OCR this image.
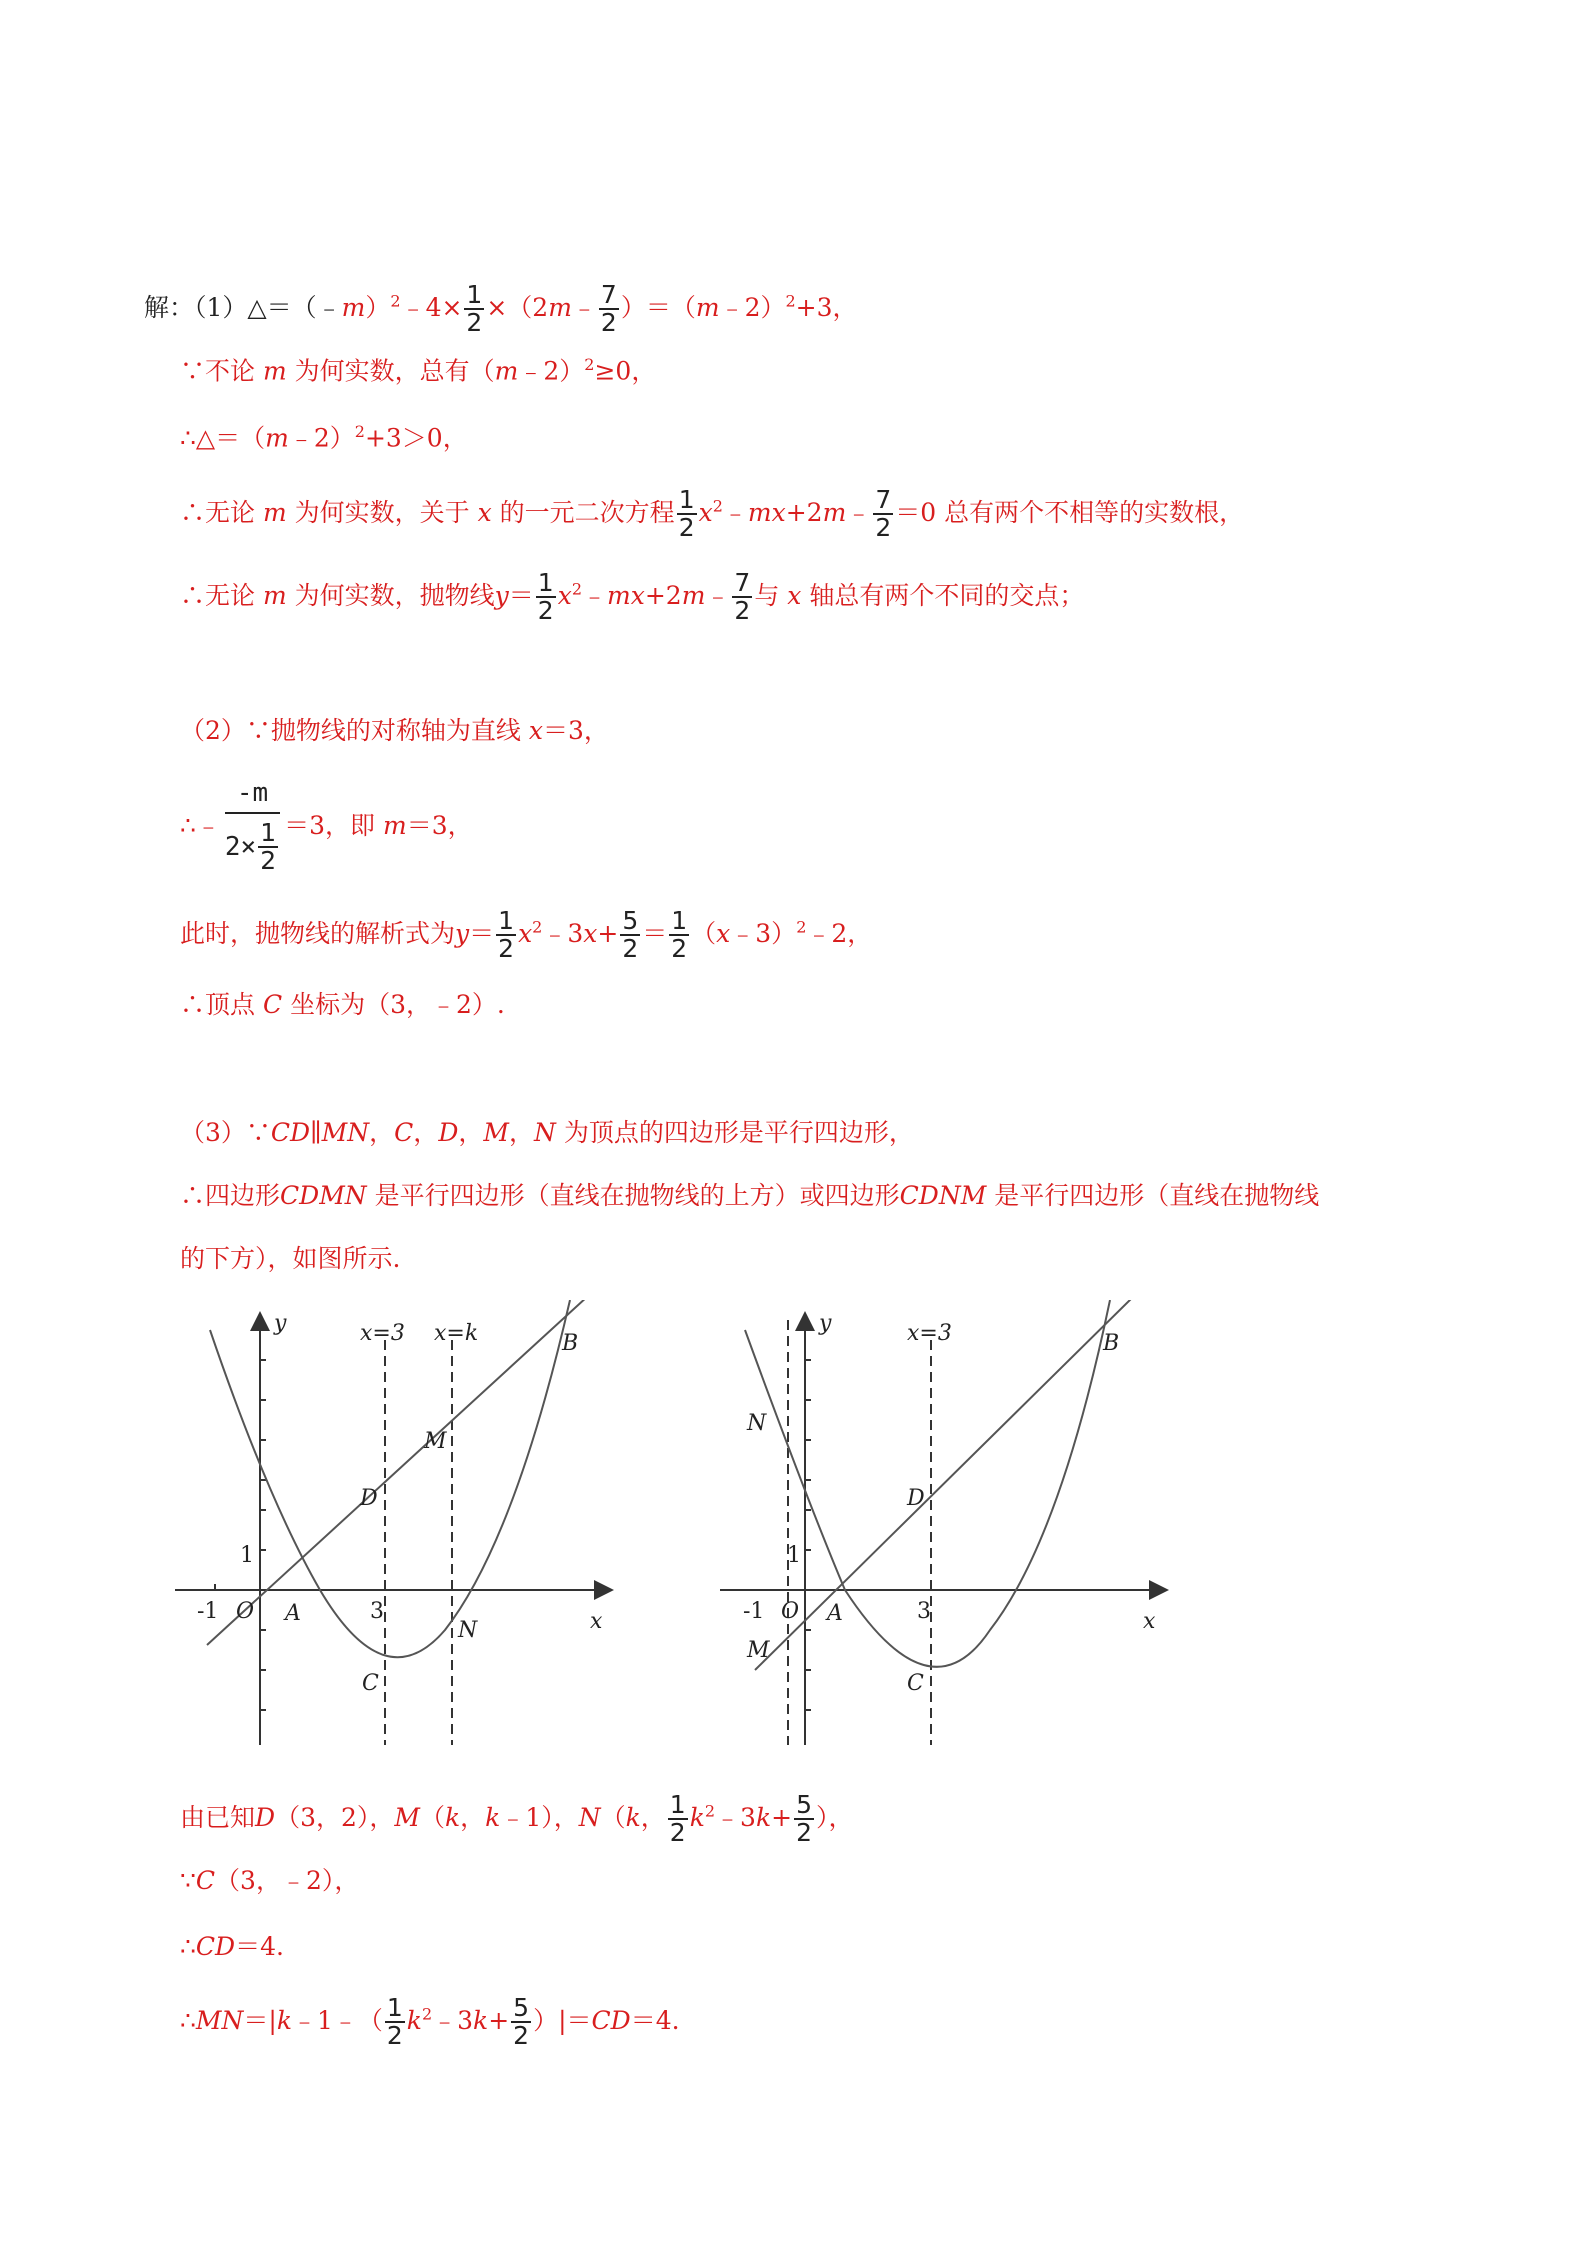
解：（1）△＝（﹣m）$^2$﹣4× $\frac{1}{2}$ ×（2m﹣ $\frac{7}{2}$ ）＝（m﹣2）$^2$+3，
∵不论 m 为何实数，总有（m﹣2）$^2$≥0，
∴△＝（m﹣2）$^2$+3＞0，
∴无论 m 为何实数，关于 x 的一元二次方程 $\frac{1}{2}$ $x^2﹣mx+2m﹣ \frac{7}{2} =0$ 总有两个不相等的实数根，
∴无论 m 为何实数，抛物线$y= \frac{1}{2}$ $x^2﹣mx+2m﹣ \frac{7}{2}$ 与 x 轴总有两个不同的交点；
（2）∵抛物线的对称轴为直线 x＝3，
∴﹣ $\frac{-m}{2\times \frac{1}{2}} =3$，即 m＝3，
此时，抛物线的解析式为$y= \frac{1}{2}$ $x^2﹣3x+ \frac{5}{2} = \frac{1}{2}$ （x﹣3）$^2$﹣2，
∴顶点 C 坐标为（3，﹣2）.
（3）∵CD∥MN，C，D，M，N 为顶点的四边形是平行四边形，
∴四边形CDMN 是平行四边形（直线在抛物线的上方）或四边形CDNM 是平行四边形（直线在抛物线
的下方），如图所示.
y
x
x=3 x=k	B
M
D
A
N
C
O
-1
1
3
y
x
x=3	B
N
D
A
M
C
O
-1
1
3
由已知D（3，2），M（k，k﹣1），N（k， $\frac{1}{2}$ $k^2﹣3k+ \frac{5}{2}$ ），
∵C（3，﹣2），
∴CD＝4.
∴MN＝|k﹣1﹣（ $\frac{1}{2}$ $k^2﹣3k+ \frac{5}{2} )|=CD=4$.
